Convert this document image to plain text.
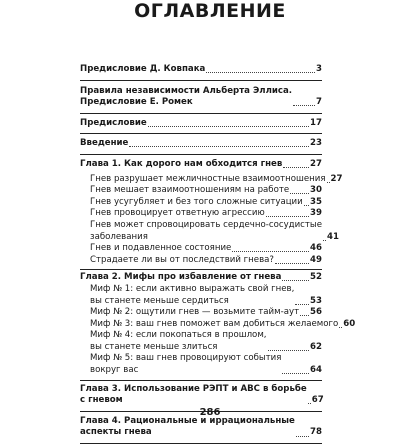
ОГЛАВЛЕНИЕ
Предисловие Д. Ковпака	3
Правила независимости Альберта Эллиса.
Предисловие Е. Ромек	7
Предисловие	17
Введение	23
Глава 1. Как дорого нам обходится гнев	27
Гнев разрушает межличностные взаимоотношения 27
Гнев мешает взаимоотношениям на работе 30
Гнев усугубляет и без того сложные ситуации 35
Гнев провоцирует ответную агрессию	39
Гнев может спровоцировать сердечно-сосудистые
заболевания	41
Гнев и подавленное состояние	46
Страдаете ли вы от последствий гнева?	49
Глава 2. Мифы про избавление от гнева	52
Миф № 1: если активно выражать свой гнев,
вы станете меньше сердиться	53
Миф № 2: ощутили гнев — возьмите тайм-аут 56
Миф № 3: ваш гнев поможет вам добиться желаемого 60
Миф № 4: если покопаться в прошлом,
вы станете меньше злиться	62
Миф № 5: ваш гнев провоцируют события
вокруг вас	64
Глава 3. Использование РЭПТ и АВС в борьбе
с гневом	67
Глава 4. Рациональные и иррациональные
аспекты гнева	78
286
